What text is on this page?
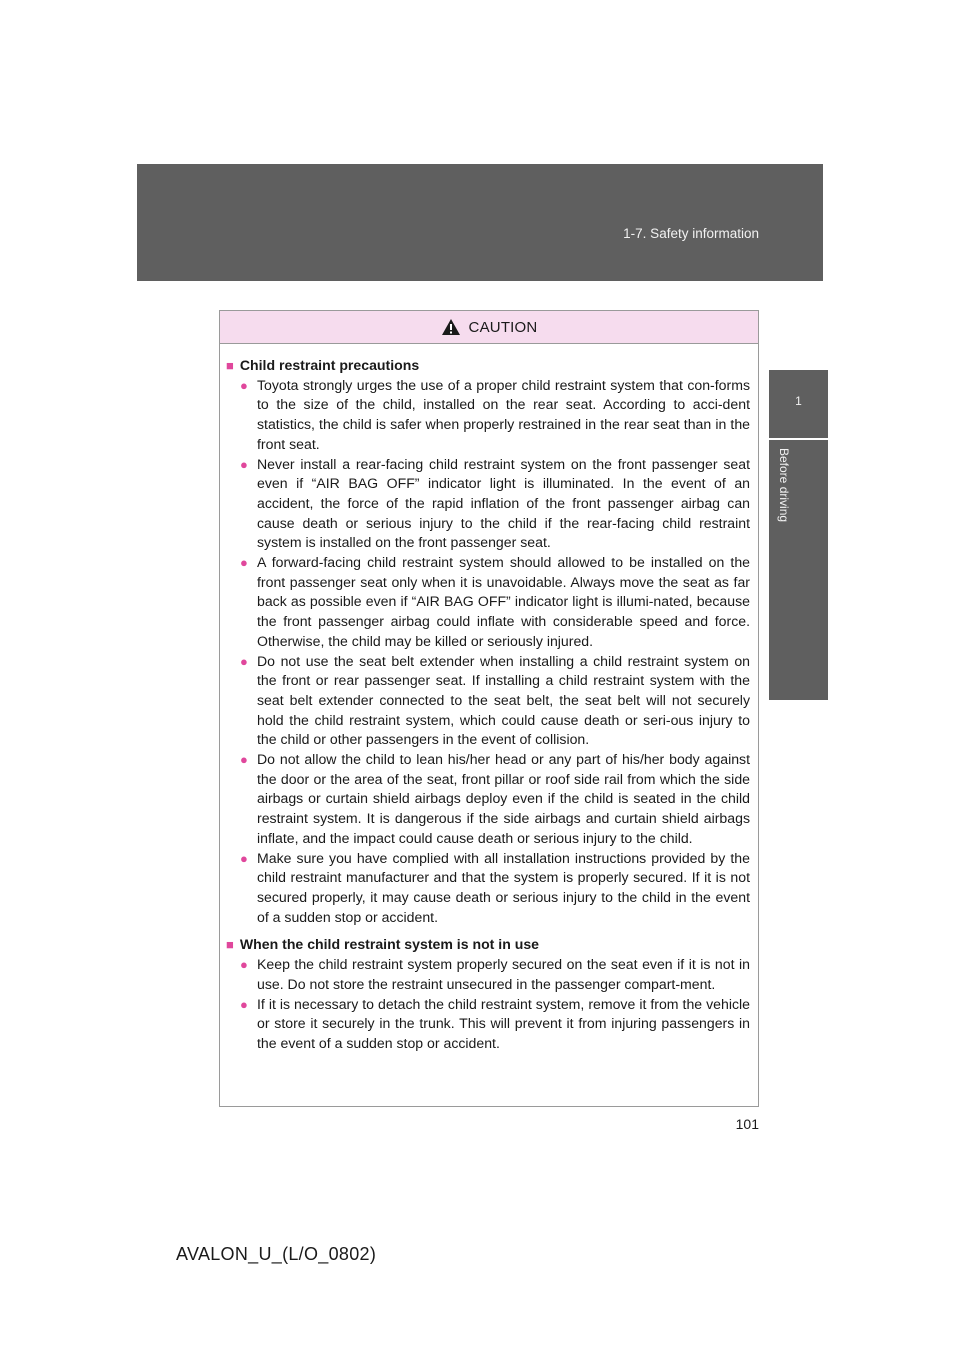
1-7. Safety information
1
Before driving
CAUTION
■ Child restraint precautions
● Toyota strongly urges the use of a proper child restraint system that con-forms to the size of the child, installed on the rear seat. According to acci-dent statistics, the child is safer when properly restrained in the rear seat than in the front seat.
● Never install a rear-facing child restraint system on the front passenger seat even if “AIR BAG OFF” indicator light is illuminated. In the event of an accident, the force of the rapid inflation of the front passenger airbag can cause death or serious injury to the child if the rear-facing child restraint system is installed on the front passenger seat.
● A forward-facing child restraint system should allowed to be installed on the front passenger seat only when it is unavoidable. Always move the seat as far back as possible even if “AIR BAG OFF” indicator light is illumi-nated, because the front passenger airbag could inflate with considerable speed and force. Otherwise, the child may be killed or seriously injured.
● Do not use the seat belt extender when installing a child restraint system on the front or rear passenger seat. If installing a child restraint system with the seat belt extender connected to the seat belt, the seat belt will not securely hold the child restraint system, which could cause death or seri-ous injury to the child or other passengers in the event of collision.
● Do not allow the child to lean his/her head or any part of his/her body against the door or the area of the seat, front pillar or roof side rail from which the side airbags or curtain shield airbags deploy even if the child is seated in the child restraint system. It is dangerous if the side airbags and curtain shield airbags inflate, and the impact could cause death or serious injury to the child.
● Make sure you have complied with all installation instructions provided by the child restraint manufacturer and that the system is properly secured. If it is not secured properly, it may cause death or serious injury to the child in the event of a sudden stop or accident.
■ When the child restraint system is not in use
● Keep the child restraint system properly secured on the seat even if it is not in use. Do not store the restraint unsecured in the passenger compart-ment.
● If it is necessary to detach the child restraint system, remove it from the vehicle or store it securely in the trunk. This will prevent it from injuring passengers in the event of a sudden stop or accident.
101
AVALON_U_(L/O_0802)
